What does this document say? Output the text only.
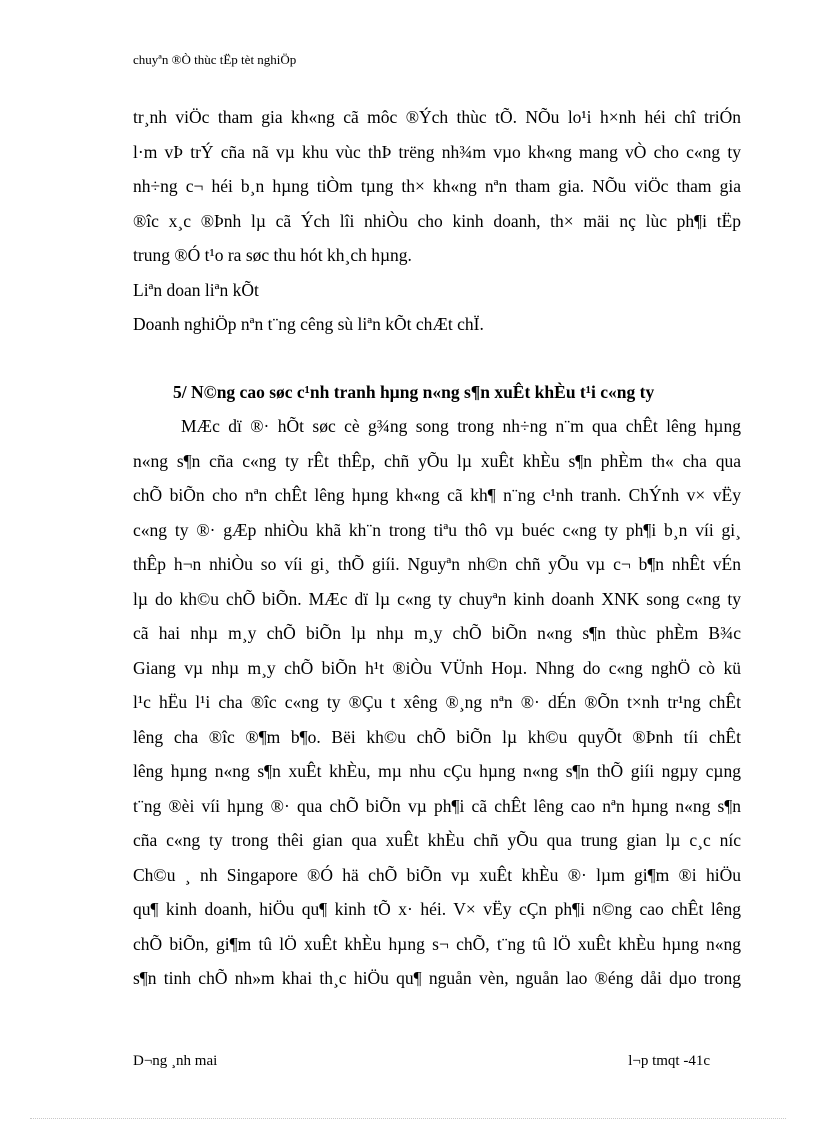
chuyªn ®Ò thùc tËp tèt nghiÖp
tr¸nh viÖc tham gia kh«ng cã môc ®Ých thùc tÕ. NÕu lo¹i h×nh héi chî triÓn
l·m vÞ trÝ cña nã vµ khu vùc thÞ trëng nh¾m vµo kh«ng mang vÒ cho c«ng ty
nh÷ng c¬ héi b¸n hµng tiÒm tµng th× kh«ng nªn tham gia. NÕu viÖc tham gia
®îc x¸c ®Þnh lµ cã Ých lîi nhiÒu cho kinh doanh, th× mäi nç lùc ph¶i tËp
trung ®Ó t¹o ra søc thu hót kh¸ch hµng.
Liªn doan liªn kÕt
Doanh nghiÖp nªn t¨ng cêng sù liªn kÕt chÆt chÏ.
5/ N©ng cao søc c¹nh tranh hµng n«ng s¶n xuÊt khÈu t¹i c«ng ty
MÆc dï ®· hÕt søc cè g¾ng song trong nh÷ng n¨m qua chÊt lêng hµng
n«ng s¶n cña c«ng ty rÊt thÊp, chñ yÕu lµ xuÊt khÈu s¶n phÈm th« cha qua
chÕ biÕn cho nªn chÊt lêng hµng kh«ng cã kh¶ n¨ng c¹nh tranh. ChÝnh v× vËy
c«ng ty ®· gÆp nhiÒu khã kh¨n trong tiªu thô vµ buéc c«ng ty ph¶i b¸n víi gi¸
thÊp h¬n nhiÒu so víi gi¸ thÕ giíi. Nguyªn nh©n chñ yÕu vµ c¬ b¶n nhÊt vÉn
lµ do kh©u chÕ biÕn. MÆc dï lµ c«ng ty chuyªn kinh doanh XNK song c«ng ty
cã hai nhµ m¸y chÕ biÕn lµ nhµ m¸y chÕ biÕn n«ng s¶n thùc phÈm B¾c
Giang vµ nhµ m¸y chÕ biÕn h¹t ®iÒu VÜnh Hoµ. Nhng do c«ng nghÖ cò kü
l¹c hËu l¹i cha ®îc c«ng ty ®Çu t xêng ®¸ng nªn ®· dÉn ®Õn t×nh tr¹ng chÊt
lêng cha ®îc ®¶m b¶o. Bëi kh©u chÕ biÕn lµ kh©u quyÕt ®Þnh tíi chÊt
lêng hµng n«ng s¶n xuÊt khÈu, mµ nhu cÇu hµng n«ng s¶n thÕ giíi ngµy cµng
t¨ng ®èi víi hµng ®· qua chÕ biÕn vµ ph¶i cã chÊt lêng cao nªn hµng n«ng s¶n
cña c«ng ty trong thêi gian qua xuÊt khÈu chñ yÕu qua trung gian lµ c¸c níc
Ch©u ¸ nh Singapore ®Ó hä chÕ biÕn vµ xuÊt khÈu ®· lµm gi¶m ®i hiÖu
qu¶ kinh doanh, hiÖu qu¶ kinh tÕ x· héi. V× vËy cÇn ph¶i n©ng cao chÊt lêng
chÕ biÕn, gi¶m tû lÖ xuÊt khÈu hµng s¬ chÕ, t¨ng tû lÖ xuÊt khÈu hµng n«ng
s¶n tinh chÕ nh»m khai th¸c hiÖu qu¶ nguån vèn, nguån lao ®éng dåi dµo trong
D¬ng ¸nh mai	l¬p tmqt -41c
